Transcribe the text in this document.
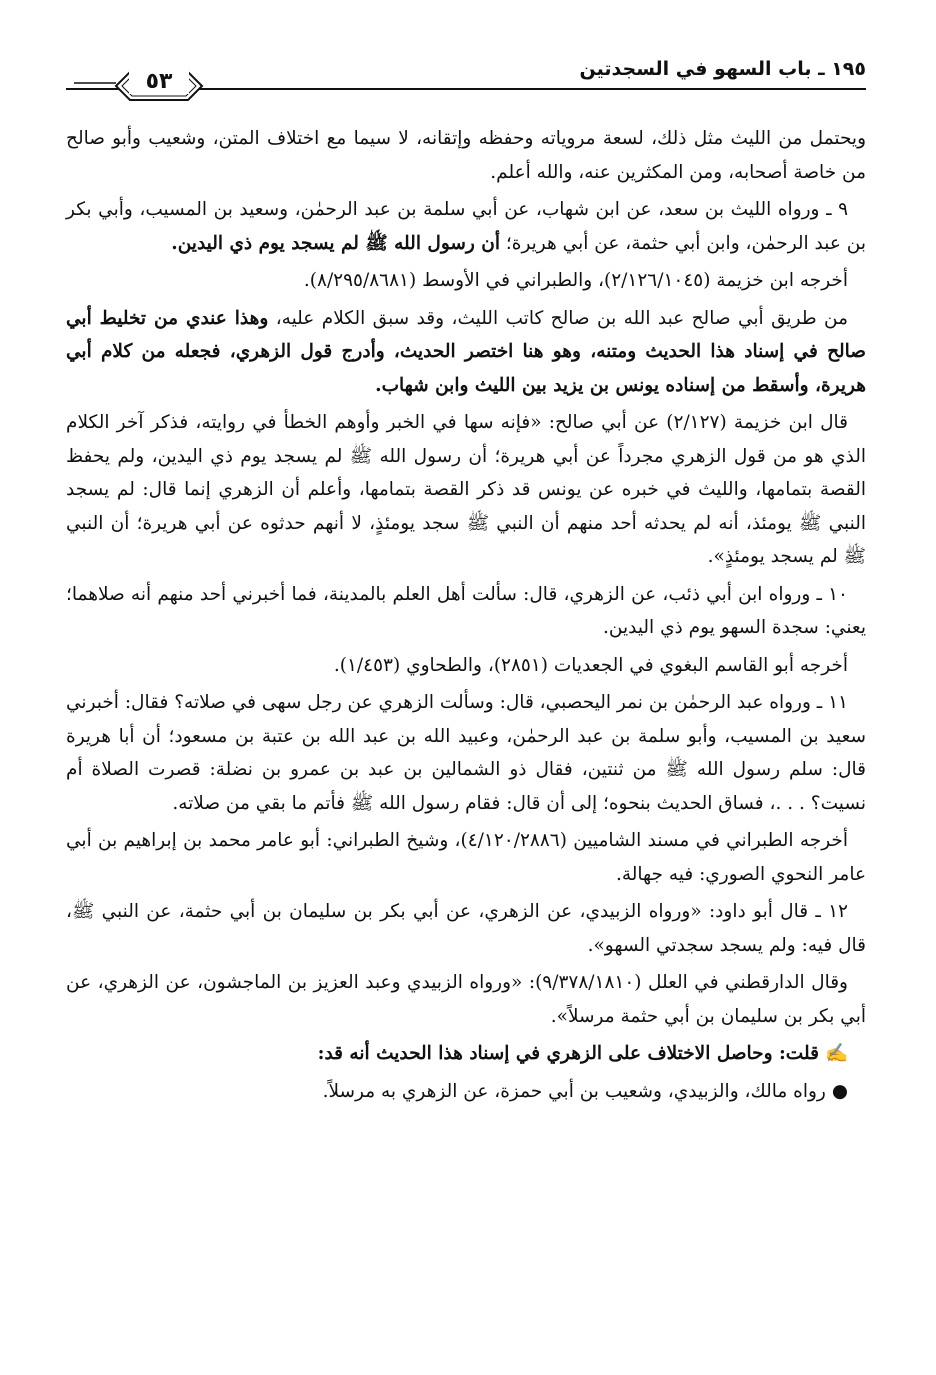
١٩٥ ـ باب السهو في السجدتين
٥٣

ويحتمل من الليث مثل ذلك، لسعة مروياته وحفظه وإتقانه، لا سيما مع اختلاف المتن، وشعيب وأبو صالح من خاصة أصحابه، ومن المكثرين عنه، والله أعلم.

٩ ـ ورواه الليث بن سعد، عن ابن شهاب، عن أبي سلمة بن عبد الرحمٰن، وسعيد بن المسيب، وأبي بكر بن عبد الرحمٰن، وابن أبي حثمة، عن أبي هريرة؛ أن رسول الله ﷺ لم يسجد يوم ذي اليدين.

أخرجه ابن خزيمة (٢/١٢٦/١٠٤٥)، والطبراني في الأوسط (٨/٢٩٥/٨٦٨١).

من طريق أبي صالح عبد الله بن صالح كاتب الليث، وقد سبق الكلام عليه، وهذا عندي من تخليط أبي صالح في إسناد هذا الحديث ومتنه، وهو هنا اختصر الحديث، وأدرج قول الزهري، فجعله من كلام أبي هريرة، وأسقط من إسناده يونس بن يزيد بين الليث وابن شهاب.

قال ابن خزيمة (٢/١٢٧) عن أبي صالح: «فإنه سها في الخبر وأوهم الخطأ في روايته، فذكر آخر الكلام الذي هو من قول الزهري مجرداً عن أبي هريرة؛ أن رسول الله ﷺ لم يسجد يوم ذي اليدين، ولم يحفظ القصة بتمامها، والليث في خبره عن يونس قد ذكر القصة بتمامها، وأعلم أن الزهري إنما قال: لم يسجد النبي ﷺ يومئذ، أنه لم يحدثه أحد منهم أن النبي ﷺ سجد يومئذٍ، لا أنهم حدثوه عن أبي هريرة؛ أن النبي ﷺ لم يسجد يومئذٍ».

١٠ ـ ورواه ابن أبي ذئب، عن الزهري، قال: سألت أهل العلم بالمدينة، فما أخبرني أحد منهم أنه صلاهما؛ يعني: سجدة السهو يوم ذي اليدين.

أخرجه أبو القاسم البغوي في الجعديات (٢٨٥١)، والطحاوي (١/٤٥٣).

١١ ـ ورواه عبد الرحمٰن بن نمر اليحصبي، قال: وسألت الزهري عن رجل سهى في صلاته؟ فقال: أخبرني سعيد بن المسيب، وأبو سلمة بن عبد الرحمٰن، وعبيد الله بن عبد الله بن عتبة بن مسعود؛ أن أبا هريرة قال: سلم رسول الله ﷺ من ثنتين، فقال ذو الشمالين بن عبد بن عمرو بن نضلة: قصرت الصلاة أم نسيت؟ . . .، فساق الحديث بنحوه؛ إلى أن قال: فقام رسول الله ﷺ فأتم ما بقي من صلاته.

أخرجه الطبراني في مسند الشاميين (٤/١٢٠/٢٨٨٦)، وشيخ الطبراني: أبو عامر محمد بن إبراهيم بن أبي عامر النحوي الصوري: فيه جهالة.

١٢ ـ قال أبو داود: «ورواه الزبيدي، عن الزهري، عن أبي بكر بن سليمان بن أبي حثمة، عن النبي ﷺ، قال فيه: ولم يسجد سجدتي السهو».

وقال الدارقطني في العلل (٩/٣٧٨/١٨١٠): «ورواه الزبيدي وعبد العزيز بن الماجشون، عن الزهري، عن أبي بكر بن سليمان بن أبي حثمة مرسلاً».

✍قلت: وحاصل الاختلاف على الزهري في إسناد هذا الحديث أنه قد:

●رواه مالك، والزبيدي، وشعيب بن أبي حمزة، عن الزهري به مرسلاً.
